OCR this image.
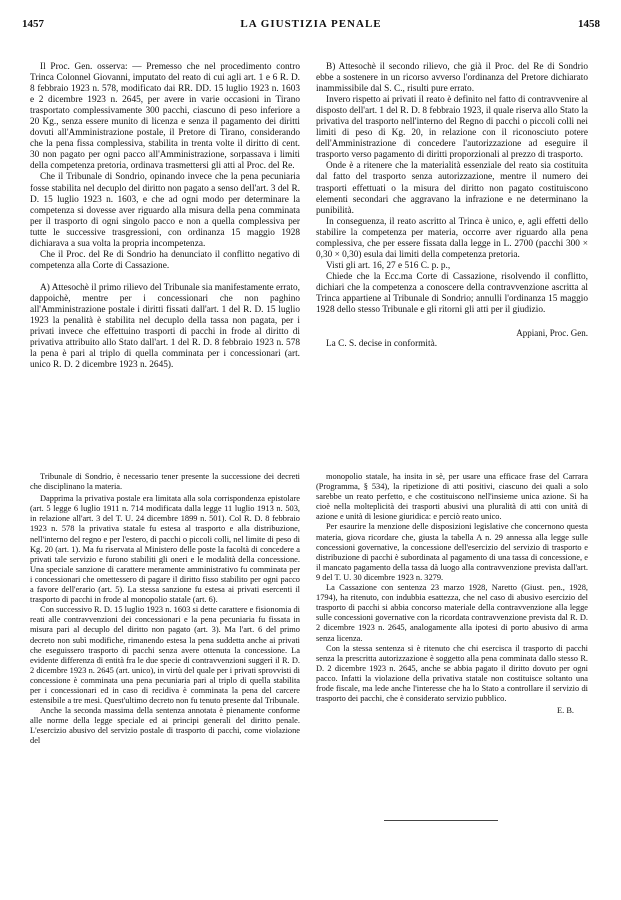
1457	LA GIUSTIZIA PENALE	1458

Il Proc. Gen. osserva: — Premesso che nel procedimento contro Trinca Colonnel Giovanni, imputato del reato di cui agli art. 1 e 6 R. D. 8 febbraio 1923 n. 578, modificato dai RR. DD. 15 luglio 1923 n. 1603 e 2 dicembre 1923 n. 2645, per avere in varie occasioni in Tirano trasportato complessivamente 300 pacchi, ciascuno di peso inferiore a 20 Kg., senza essere munito di licenza e senza il pagamento dei diritti dovuti all'Amministrazione postale, il Pretore di Tirano, considerando che la pena fissa complessiva, stabilita in trenta volte il diritto di cent. 30 non pagato per ogni pacco all'Amministrazione, sorpassava i limiti della competenza pretoria, ordinava trasmettersi gli atti al Proc. del Re.

Che il Tribunale di Sondrio, opinando invece che la pena pecuniaria fosse stabilita nel decuplo del diritto non pagato a senso dell'art. 3 del R. D. 15 luglio 1923 n. 1603, e che ad ogni modo per determinare la competenza si dovesse aver riguardo alla misura della pena comminata per il trasporto di ogni singolo pacco e non a quella complessiva per tutte le successive trasgressioni, con ordinanza 15 maggio 1928 dichiarava a sua volta la propria incompetenza.

Che il Proc. del Re di Sondrio ha denunciato il conflitto negativo di competenza alla Corte di Cassazione.

A) Attesochè il primo rilievo del Tribunale sia manifestamente errato, dappoichè, mentre per i concessionari che non paghino all'Amministrazione postale i diritti fissati dall'art. 1 del R. D. 15 luglio 1923 la penalità è stabilita nel decuplo della tassa non pagata, per i privati invece che effettuino trasporti di pacchi in frode al diritto di privativa attribuito allo Stato dall'art. 1 del R. D. 8 febbraio 1923 n. 578 la pena è pari al triplo di quella comminata per i concessionari (art. unico R. D. 2 dicembre 1923 n. 2645).

B) Attesochè il secondo rilievo, che già il Proc. del Re di Sondrio ebbe a sostenere in un ricorso avverso l'ordinanza del Pretore dichiarato inammissibile dal S. C., risulti pure errato.

Invero rispetto ai privati il reato è definito nel fatto di contravvenire al disposto dell'art. 1 del R. D. 8 febbraio 1923, il quale riserva allo Stato la privativa del trasporto nell'interno del Regno di pacchi o piccoli colli nei limiti di peso di Kg. 20, in relazione con il riconosciuto potere dell'Amministrazione di concedere l'autorizzazione ad eseguire il trasporto verso pagamento di diritti proporzionali al prezzo di trasporto.

Onde è a ritenere che la materialità essenziale del reato sia costituita dal fatto del trasporto senza autorizzazione, mentre il numero dei trasporti effettuati o la misura del diritto non pagato costituiscono elementi secondari che aggravano la infrazione e ne determinano la punibilità.

In conseguenza, il reato ascritto al Trinca è unico, e, agli effetti dello stabilire la competenza per materia, occorre aver riguardo alla pena complessiva, che per essere fissata dalla legge in L. 2700 (pacchi 300 × 0,30 × 0,30) esula dai limiti della competenza pretoria.

Visti gli art. 16, 27 e 516 C. p. p.,

Chiede che la Ecc.ma Corte di Cassazione, risolvendo il conflitto, dichiari che la competenza a conoscere della contravvenzione ascritta al Trinca appartiene al Tribunale di Sondrio; annulli l'ordinanza 15 maggio 1928 dello stesso Tribunale e gli ritorni gli atti per il giudizio.

Appiani, Proc. Gen.

La C. S. decise in conformità.

Tribunale di Sondrio, è necessario tener presente la successione dei decreti che disciplinano la materia.

Dapprima la privativa postale era limitata alla sola corrispondenza epistolare (art. 5 legge 6 luglio 1911 n. 714 modificata dalla legge 11 luglio 1913 n. 503, in relazione all'art. 3 del T. U. 24 dicembre 1899 n. 501). Col R. D. 8 febbraio 1923 n. 578 la privativa statale fu estesa al trasporto e alla distribuzione, nell'interno del regno e per l'estero, di pacchi o piccoli colli, nel limite di peso di Kg. 20 (art. 1). Ma fu riservata al Ministero delle poste la facoltà di concedere a privati tale servizio e furono stabiliti gli oneri e le modalità della concessione. Una speciale sanzione di carattere meramente amministrativo fu comminata per i concessionari che omettessero di pagare il diritto fisso stabilito per ogni pacco a favore dell'erario (art. 5). La stessa sanzione fu estesa ai privati esercenti il trasporto di pacchi in frode al monopolio statale (art. 6).

Con successivo R. D. 15 luglio 1923 n. 1603 si dette carattere e fisionomia di reati alle contravvenzioni dei concessionari e la pena pecuniaria fu fissata in misura pari al decuplo del diritto non pagato (art. 3). Ma l'art. 6 del primo decreto non subì modifiche, rimanendo estesa la pena suddetta anche ai privati che eseguissero trasporto di pacchi senza avere ottenuta la concessione. La evidente differenza di entità fra le due specie di contravvenzioni suggerì il R. D. 2 dicembre 1923 n. 2645 (art. unico), in virtù del quale per i privati sprovvisti di concessione è comminata una pena pecuniaria pari al triplo di quella stabilita per i concessionari ed in caso di recidiva è comminata la pena del carcere estensibile a tre mesi. Quest'ultimo decreto non fu tenuto presente dal Tribunale.

Anche la seconda massima della sentenza annotata è pienamente conforme alle norme della legge speciale ed ai principi generali del diritto penale. L'esercizio abusivo del servizio postale di trasporto di pacchi, come violazione del

monopolio statale, ha insita in sè, per usare una efficace frase del Carrara (Programma, § 534), la ripetizione di atti positivi, ciascuno dei quali a solo sarebbe un reato perfetto, e che costituiscono nell'insieme unica azione. Si ha cioè nella molteplicità dei trasporti abusivi una pluralità di atti con unità di azione e unità di lesione giuridica: e perciò reato unico.

Per esaurire la menzione delle disposizioni legislative che concernono questa materia, giova ricordare che, giusta la tabella A n. 29 annessa alla legge sulle concessioni governative, la concessione dell'esercizio del servizio di trasporto e distribuzione di pacchi è subordinata al pagamento di una tassa di concessione, e il mancato pagamento della tassa dà luogo alla contravvenzione prevista dall'art. 9 del T. U. 30 dicembre 1923 n. 3279.

La Cassazione con sentenza 23 marzo 1928, Naretto (Giust. pen., 1928, 1794), ha ritenuto, con indubbia esattezza, che nel caso di abusivo esercizio del trasporto di pacchi si abbia concorso materiale della contravvenzione alla legge sulle concessioni governative con la ricordata contravvenzione prevista dal R. D. 2 dicembre 1923 n. 2645, analogamente alla ipotesi di porto abusivo di arma senza licenza.

Con la stessa sentenza si è ritenuto che chi esercisca il trasporto di pacchi senza la prescritta autorizzazione è soggetto alla pena comminata dallo stesso R. D. 2 dicembre 1923 n. 2645, anche se abbia pagato il diritto dovuto per ogni pacco. Infatti la violazione della privativa statale non costituisce soltanto una frode fiscale, ma lede anche l'interesse che ha lo Stato a controllare il servizio di trasporto dei pacchi, che è considerato servizio pubblico.

E. B.
